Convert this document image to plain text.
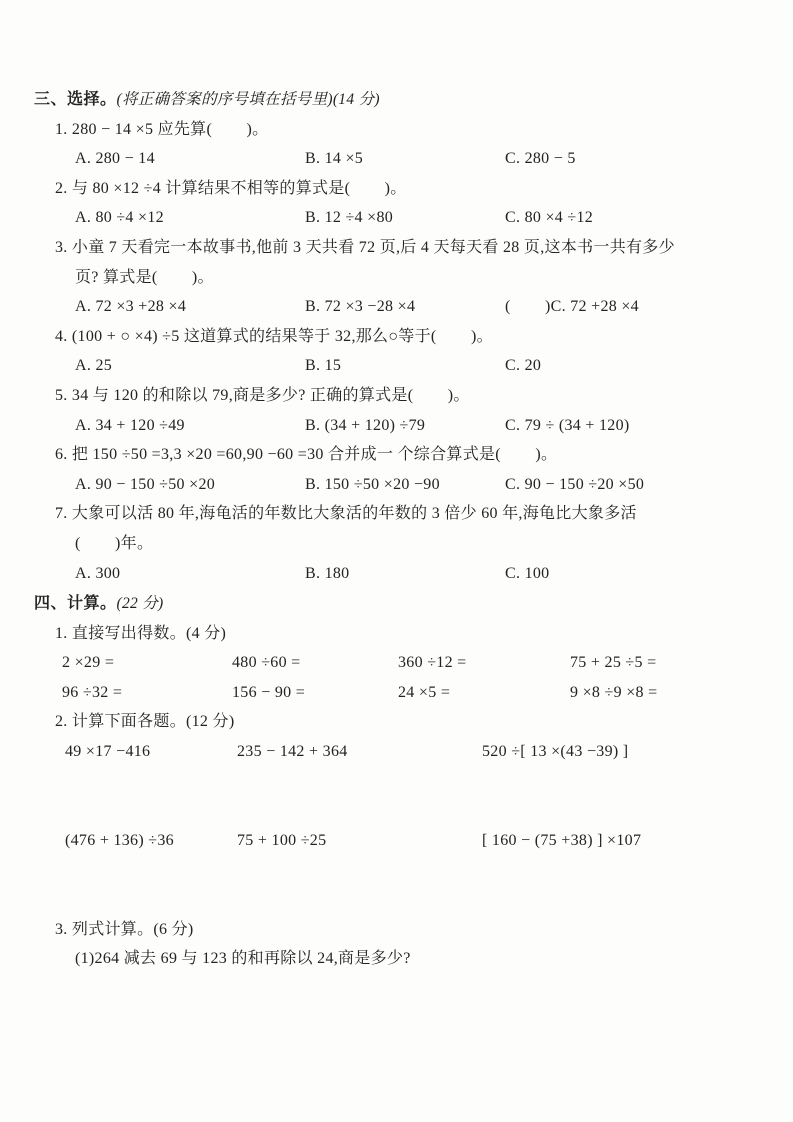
三、选择。(将正确答案的序号填在括号里)(14 分)
1. 280 − 14 ×5 应先算(        )。
A. 280 − 14	B. 14 ×5	C. 280 − 5
2. 与 80 ×12 ÷4 计算结果不相等的算式是(        )。
A. 80 ÷4 ×12	B. 12 ÷4 ×80	C. 80 ×4 ÷12
3. 小童 7 天看完一本故事书,他前 3 天共看 72 页,后 4 天每天看 28 页,这本书一共有多少
页? 算式是(        )。
A. 72 ×3 +28 ×4	B. 72 ×3 −28 ×4	(        )C. 72 +28 ×4
4. (100 + ○ ×4) ÷5 这道算式的结果等于 32,那么○等于(        )。
A. 25	B. 15	C. 20
5. 34 与 120 的和除以 79,商是多少? 正确的算式是(        )。
A. 34 + 120 ÷49	B. (34 + 120) ÷79	C. 79 ÷ (34 + 120)
6. 把 150 ÷50 =3,3 ×20 =60,90 −60 =30 合并成一 个综合算式是(        )。
A. 90 − 150 ÷50 ×20	B. 150 ÷50 ×20 −90	C. 90 − 150 ÷20 ×50
7. 大象可以活 80 年,海龟活的年数比大象活的年数的 3 倍少 60 年,海龟比大象多活
(        )年。
A. 300	B. 180	C. 100
四、计算。(22 分)
1. 直接写出得数。(4 分)
2 ×29 =	480 ÷60 =	360 ÷12 =	75 + 25 ÷5 =
96 ÷32 =	156 − 90 =	24 ×5 =	9 ×8 ÷9 ×8 =
2. 计算下面各题。(12 分)
49 ×17 −416	235 − 142 + 364	520 ÷[ 13 ×(43 −39) ]
(476 + 136) ÷36	75 + 100 ÷25	[ 160 − (75 +38) ] ×107
3. 列式计算。(6 分)
(1)264 减去 69 与 123 的和再除以 24,商是多少?
